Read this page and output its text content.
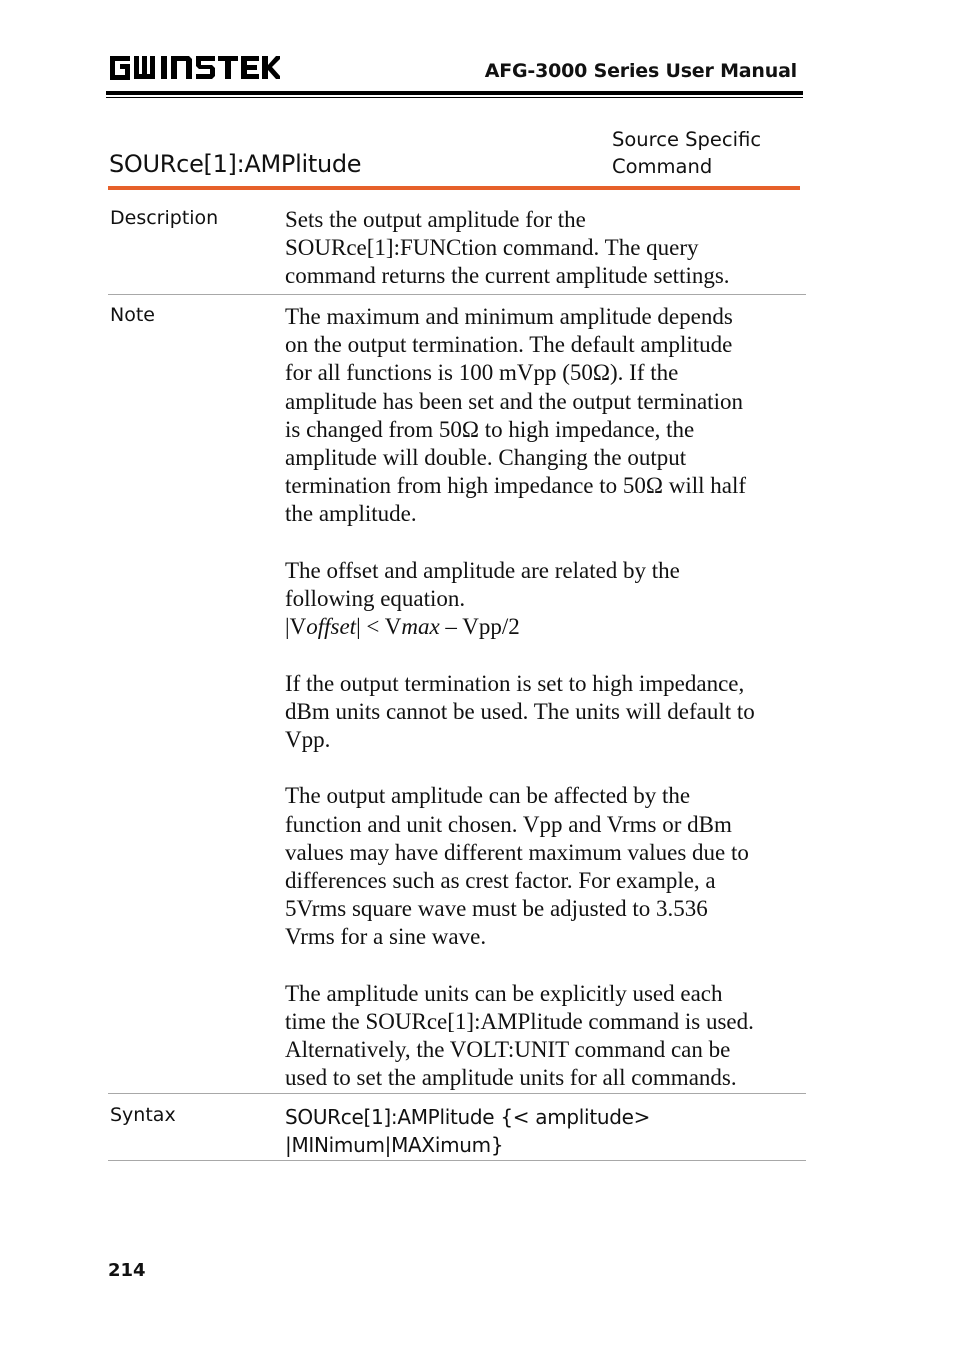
GW INSTEK
AFG-3000 Series User Manual
SOURce[1]:AMPlitude
Source Specific
Command
Description	Sets the output amplitude for the
SOURce[1]:FUNCtion command. The query
command returns the current amplitude settings.
Note	The maximum and minimum amplitude depends
on the output termination. The default amplitude
for all functions is 100 mVpp (50Ω). If the
amplitude has been set and the output termination
is changed from 50Ω to high impedance, the
amplitude will double. Changing the output
termination from high impedance to 50Ω will half
the amplitude.
The offset and amplitude are related by the
following equation.
|Voffset| < Vmax – Vpp/2
If the output termination is set to high impedance,
dBm units cannot be used. The units will default to
Vpp.
The output amplitude can be affected by the
function and unit chosen. Vpp and Vrms or dBm
values may have different maximum values due to
differences such as crest factor. For example, a
5Vrms square wave must be adjusted to 3.536
Vrms for a sine wave.
The amplitude units can be explicitly used each
time the SOURce[1]:AMPlitude command is used.
Alternatively, the VOLT:UNIT command can be
used to set the amplitude units for all commands.
Syntax	SOURce[1]:AMPlitude {< amplitude>
|MINimum|MAXimum}
214
